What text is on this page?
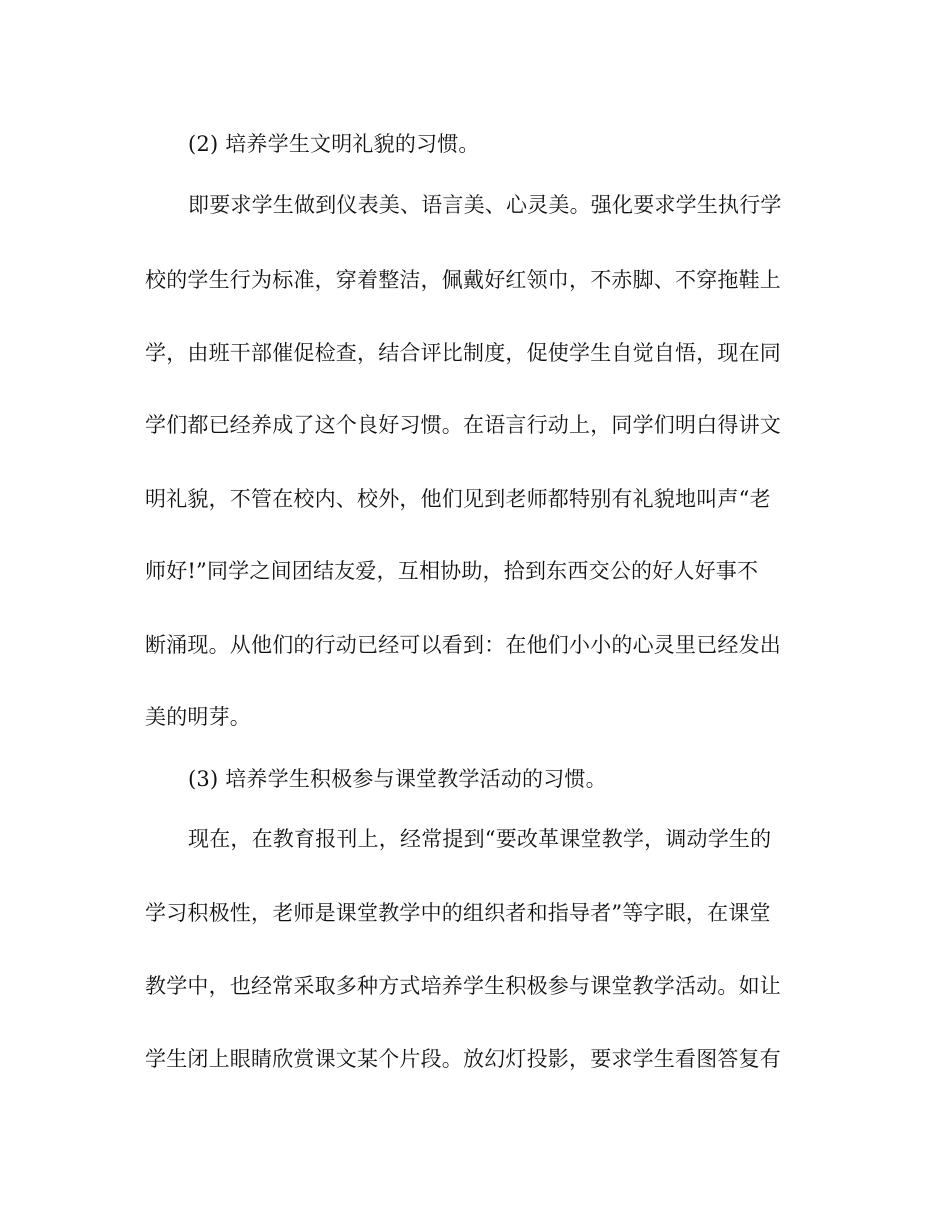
(2) 培养学生文明礼貌的习惯。
即要求学生做到仪表美、语言美、心灵美。强化要求学生执行学
校的学生行为标准，穿着整洁，佩戴好红领巾，不赤脚、不穿拖鞋上
学，由班干部催促检查，结合评比制度，促使学生自觉自悟，现在同
学们都已经养成了这个良好习惯。在语言行动上，同学们明白得讲文
明礼貌，不管在校内、校外，他们见到老师都特别有礼貌地叫声“老
师好!”同学之间团结友爱，互相协助，拾到东西交公的好人好事不
断涌现。从他们的行动已经可以看到：在他们小小的心灵里已经发出
美的明芽。
(3) 培养学生积极参与课堂教学活动的习惯。
现在，在教育报刊上，经常提到“要改革课堂教学，调动学生的
学习积极性，老师是课堂教学中的组织者和指导者”等字眼，在课堂
教学中，也经常采取多种方式培养学生积极参与课堂教学活动。如让
学生闭上眼睛欣赏课文某个片段。放幻灯投影，要求学生看图答复有
